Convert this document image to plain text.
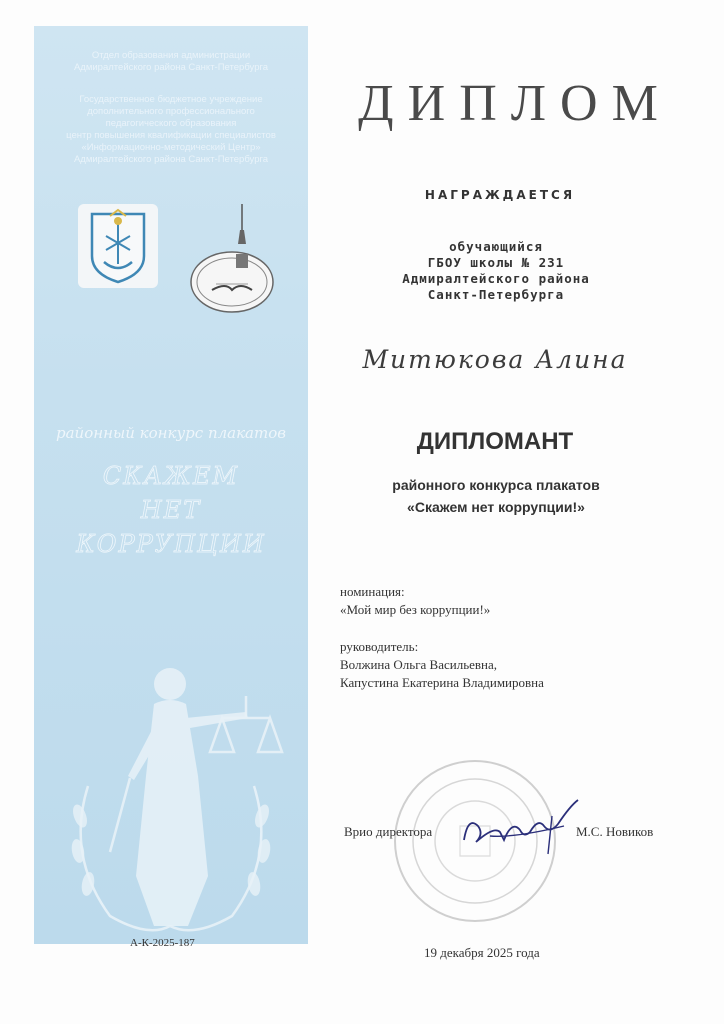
Отдел образования администрации
Адмиралтейского района Санкт-Петербурга
Государственное бюджетное учреждение
дополнительного профессионального
педагогического образования
центр повышения квалификации специалистов
«Информационно-методический Центр»
Адмиралтейского района Санкт-Петербурга
районный конкурс плакатов
СКАЖЕМ
НЕТ
КОРРУПЦИИ
А-К-2025-187
ДИПЛОМ
НАГРАЖДАЕТСЯ
обучающийся
ГБОУ школы № 231
Адмиралтейского района
Санкт-Петербурга
Митюкова Алина
ДИПЛОМАНТ
районного конкурса плакатов
«Скажем нет коррупции!»
номинация:
«Мой мир без коррупции!»
руководитель:
Волжина Ольга Васильевна,
Капустина Екатерина Владимировна
Врио директора	М.С. Новиков
19 декабря 2025 года
